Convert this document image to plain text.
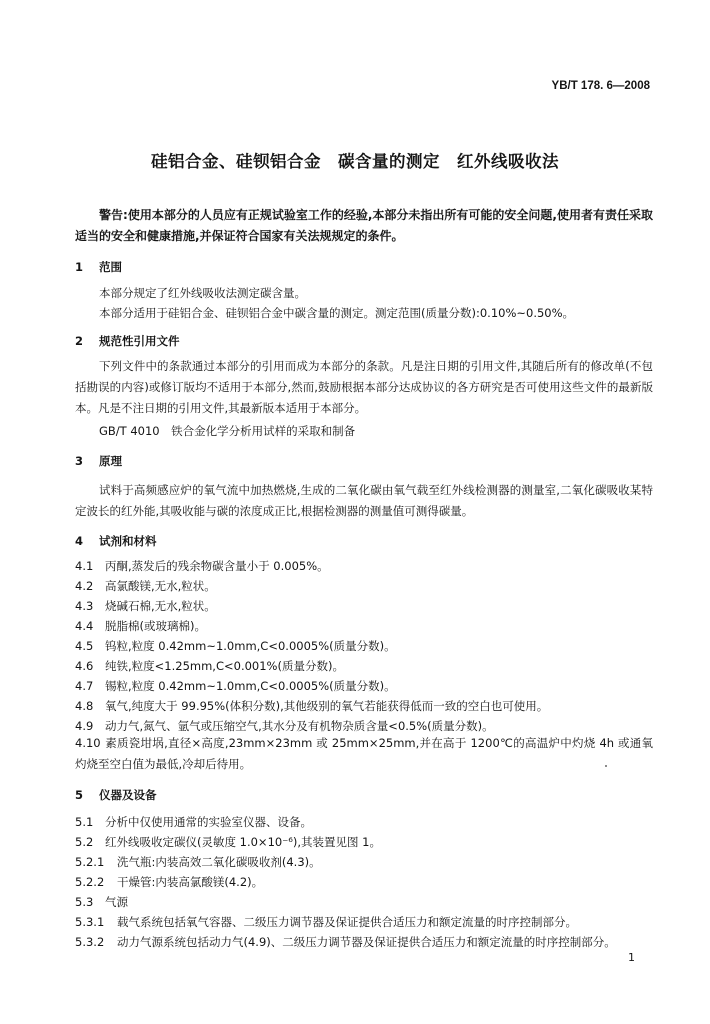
YB/T 178. 6—2008
硅铝合金、硅钡铝合金　碳含量的测定　红外线吸收法
警告:使用本部分的人员应有正规试验室工作的经验,本部分未指出所有可能的安全问题,使用者有责任采取适当的安全和健康措施,并保证符合国家有关法规规定的条件。
1 范围
本部分规定了红外线吸收法测定碳含量。
本部分适用于硅铝合金、硅钡铝合金中碳含量的测定。测定范围(质量分数):0.10%~0.50%。
2 规范性引用文件
下列文件中的条款通过本部分的引用而成为本部分的条款。凡是注日期的引用文件,其随后所有的修改单(不包括勘误的内容)或修订版均不适用于本部分,然而,鼓励根据本部分达成协议的各方研究是否可使用这些文件的最新版本。凡是不注日期的引用文件,其最新版本适用于本部分。
GB/T 4010　铁合金化学分析用试样的采取和制备
3 原理
试料于高频感应炉的氧气流中加热燃烧,生成的二氧化碳由氧气载至红外线检测器的测量室,二氧化碳吸收某特定波长的红外能,其吸收能与碳的浓度成正比,根据检测器的测量值可测得碳量。
4 试剂和材料
4.1 丙酮,蒸发后的残余物碳含量小于 0.005%。
4.2 高氯酸镁,无水,粒状。
4.3 烧碱石棉,无水,粒状。
4.4 脱脂棉(或玻璃棉)。
4.5 钨粒,粒度 0.42mm~1.0mm,C<0.0005%(质量分数)。
4.6 纯铁,粒度<1.25mm,C<0.001%(质量分数)。
4.7 锡粒,粒度 0.42mm~1.0mm,C<0.0005%(质量分数)。
4.8 氧气,纯度大于 99.95%(体积分数),其他级别的氧气若能获得低而一致的空白也可使用。
4.9 动力气,氮气、氩气或压缩空气,其水分及有机物杂质含量<0.5%(质量分数)。
4.10 素质瓷坩埚,直径×高度,23mm×23mm 或 25mm×25mm,并在高于 1200℃的高温炉中灼烧 4h 或通氧灼烧至空白值为最低,冷却后待用。
5 仪器及设备
5.1 分析中仅使用通常的实验室仪器、设备。
5.2 红外线吸收定碳仪(灵敏度 1.0×10⁻⁶),其装置见图 1。
5.2.1 洗气瓶:内装高效二氧化碳吸收剂(4.3)。
5.2.2 干燥管:内装高氯酸镁(4.2)。
5.3 气源
5.3.1 载气系统包括氧气容器、二级压力调节器及保证提供合适压力和额定流量的时序控制部分。
5.3.2 动力气源系统包括动力气(4.9)、二级压力调节器及保证提供合适压力和额定流量的时序控制部分。
1
